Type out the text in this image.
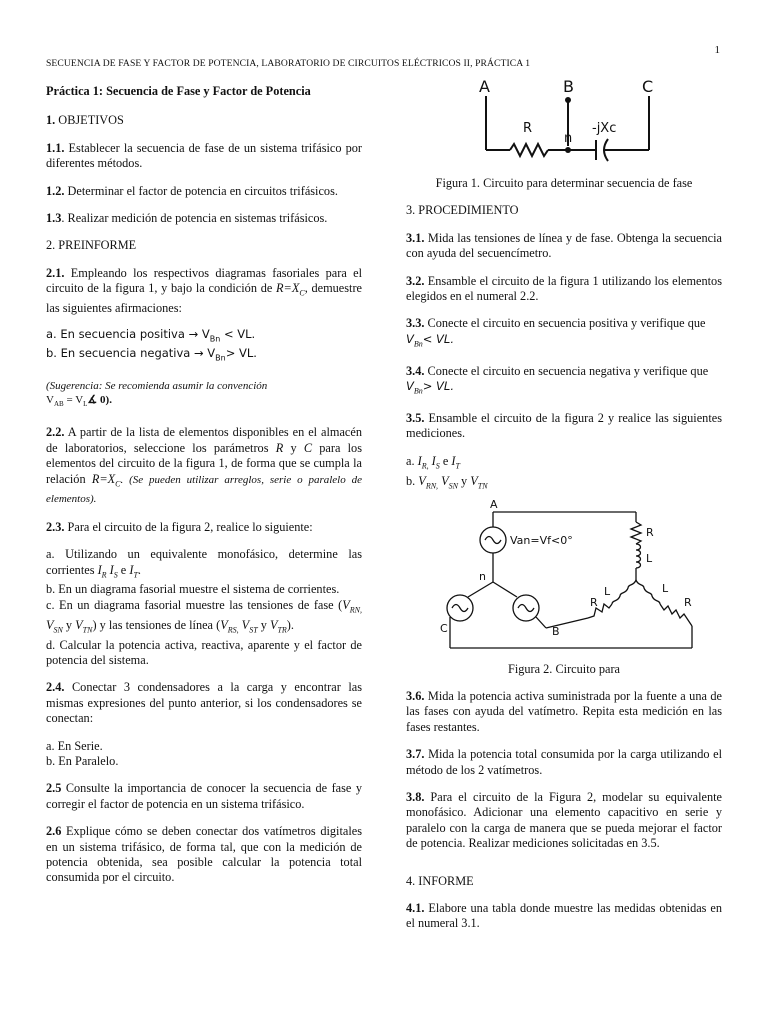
1
SECUENCIA DE FASE Y FACTOR DE POTENCIA, LABORATORIO DE CIRCUITOS ELÉCTRICOS II, PRÁCTICA 1

Práctica 1: Secuencia de Fase y Factor de Potencia

1. OBJETIVOS

1.1. Establecer la secuencia de fase de un sistema trifásico por diferentes métodos.

1.2. Determinar el factor de potencia en circuitos trifásicos.

1.3. Realizar medición de potencia en sistemas trifásicos.

2. PREINFORME

2.1. Empleando los respectivos diagramas fasoriales para el circuito de la figura 1, y bajo la condición de $R=X_C$, demuestre las siguientes afirmaciones:

a. En secuencia positiva → $V_{Bn}$ < VL.
b. En secuencia negativa → $V_{Bn}>$ VL.
(Sugerencia: Se recomienda asumir la convención
$V_{AB}$ = $V_L∡$ 0).

2.2. A partir de la lista de elementos disponibles en el almacén de laboratorios, seleccione los parámetros R y C para los elementos del circuito de la figura 1, de forma que se cumpla la relación $R=X_C$. (Se pueden utilizar arreglos, serie o paralelo de elementos).

2.3. Para el circuito de la figura 2, realice lo siguiente:

a. Utilizando un equivalente monofásico, determine las corrientes $I_R$ $I_S$ e $I_T$.
b. En un diagrama fasorial muestre el sistema de corrientes.
c. En un diagrama fasorial muestre las tensiones de fase ($V_{RN,}$ $V_{SN}$ y $V_{TN}$) y las tensiones de línea ($V_{RS,}$ $V_{ST}$ y $V_{TR}$).
d. Calcular la potencia activa, reactiva, aparente y el factor de potencia del sistema.

2.4. Conectar 3 condensadores a la carga y encontrar las mismas expresiones del punto anterior, si los condensadores se conectan:

a. En Serie.
b. En Paralelo.

2.5 Consulte la importancia de conocer la secuencia de fase y corregir el factor de potencia en un sistema trifásico.

2.6 Explique cómo se deben conectar dos vatímetros digitales en un sistema trifásico, de forma tal, que con la medición de potencia obtenida, sea posible calcular la potencia total consumida por el circuito.

A	B	C
R
n
-jXc

Figura 1. Circuito para determinar secuencia de fase

3. PROCEDIMIENTO

3.1. Mida las tensiones de línea y de fase. Obtenga la secuencia con ayuda del secuencímetro.

3.2. Ensamble el circuito de la figura 1 utilizando los elementos elegidos en el numeral 2.2.

3.3. Conecte el circuito en secuencia positiva y verifique que
$V_{Bn}<$ VL.

3.4. Conecte el circuito en secuencia negativa y verifique que
$V_{Bn}>$ VL.

3.5. Ensamble el circuito de la figura 2 y realice las siguientes mediciones.

a. $I_{R,}$ $I_S$ e $I_T$
b. $V_{RN,}$ $V_{SN}$ y $V_{TN}$
A
Van=Vf<0°
n
C	B
R
L
L
R
L
R

Figura 2. Circuito para

3.6. Mida la potencia activa suministrada por la fuente a una de las fases con ayuda del vatímetro. Repita esta medición en las fases restantes.

3.7. Mida la potencia total consumida por la carga utilizando el método de los 2 vatímetros.

3.8. Para el circuito de la Figura 2, modelar su equivalente monofásico. Adicionar una elemento capacitivo en serie y paralelo con la carga de manera que se pueda mejorar el factor de potencia. Realizar mediciones solicitadas en 3.5.

4. INFORME

4.1. Elabore una tabla donde muestre las medidas obtenidas en el numeral 3.1.
